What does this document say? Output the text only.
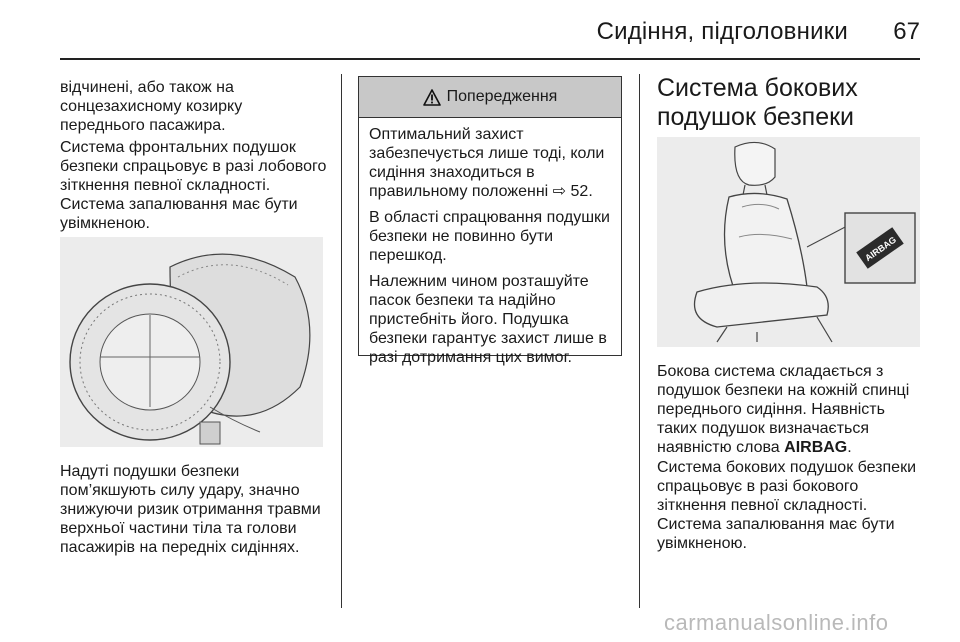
Сидіння, підголовники 67
відчинені, або також на
сонцезахисному козирку
переднього пасажира.
Система фронтальних подушок
безпеки спрацьовує в разі лобового
зіткнення певної складності.
Система запалювання має бути
увімкненою.
Надуті подушки безпеки
пом’якшують силу удару, значно
знижуючи ризик отримання травми
верхньої частини тіла та голови
пасажирів на передніх сидіннях.
Попередження
Оптимальний захист
забезпечується лише тоді, коли
сидіння знаходиться в
правильному положенні ⇨ 52.
В області спрацювання подушки
безпеки не повинно бути
перешкод.
Належним чином розташуйте
пасок безпеки та надійно
пристебніть його. Подушка
безпеки гарантує захист лише в
разі дотримання цих вимог.
Система бокових
подушок безпеки
AIRBAG
Бокова система складається з
подушок безпеки на кожній спинці
переднього сидіння. Наявність
таких подушок визначається
наявністю слова AIRBAG.
Система бокових подушок безпеки
спрацьовує в разі бокового
зіткнення певної складності.
Система запалювання має бути
увімкненою.
carmanualsonline.info
